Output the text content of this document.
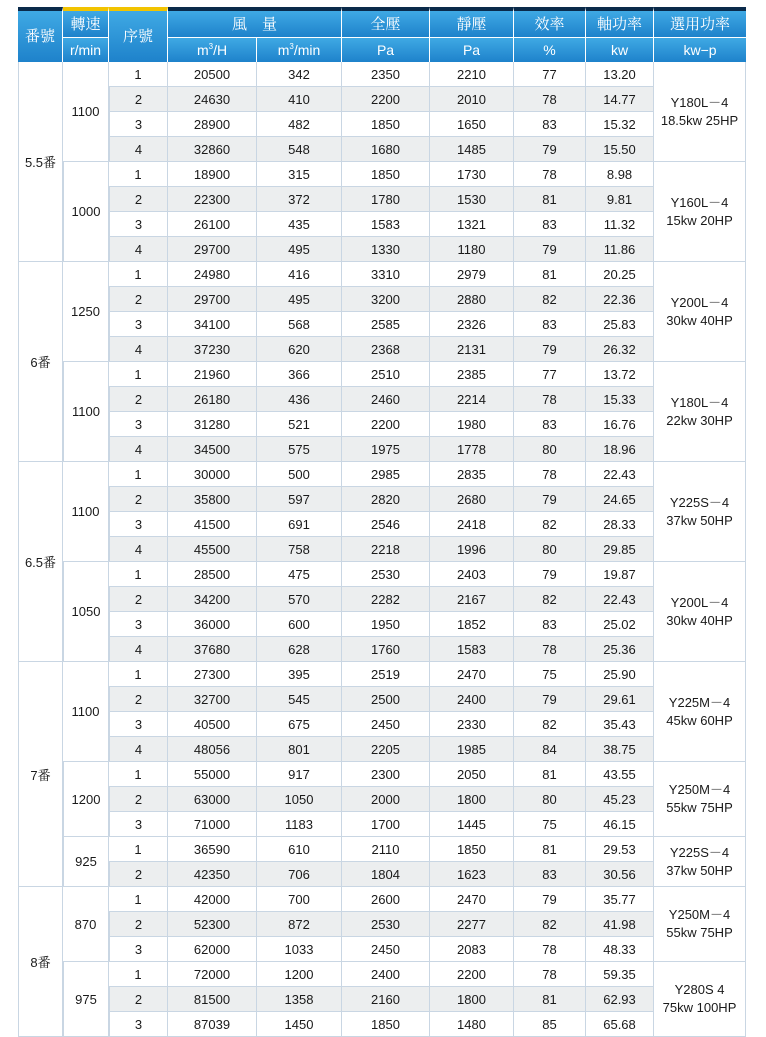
番號	轉速	序號	風　量		全壓	靜壓	效率	軸功率	選用功率
	r/min		$m^3/H$	$m^3/\min$	Pa	Pa	%	kw	kw−p
5.5番	1100	1	20500	342	2350	2210	77	13.20	Y180L－4
18.5kw 25HP

		2	24630	410	2200	2010	78	14.77	
		3	28900	482	1850	1650	83	15.32	
		4	32860	548	1680	1485	79	15.50	
	1000	1	18900	315	1850	1730	78	8.98	Y160L－4
15kw 20HP

		2	22300	372	1780	1530	81	9.81	
		3	26100	435	1583	1321	83	11.32	
		4	29700	495	1330	1180	79	11.86	
6番	1250	1	24980	416	3310	2979	81	20.25	Y200L－4
30kw 40HP

		2	29700	495	3200	2880	82	22.36	
		3	34100	568	2585	2326	83	25.83	
		4	37230	620	2368	2131	79	26.32	
	1100	1	21960	366	2510	2385	77	13.72	Y180L－4
22kw 30HP

		2	26180	436	2460	2214	78	15.33	
		3	31280	521	2200	1980	83	16.76	
		4	34500	575	1975	1778	80	18.96	
6.5番	1100	1	30000	500	2985	2835	78	22.43	Y225S－4
37kw 50HP

		2	35800	597	2820	2680	79	24.65	
		3	41500	691	2546	2418	82	28.33	
		4	45500	758	2218	1996	80	29.85	
	1050	1	28500	475	2530	2403	79	19.87	Y200L－4
30kw 40HP

		2	34200	570	2282	2167	82	22.43	
		3	36000	600	1950	1852	83	25.02	
		4	37680	628	1760	1583	78	25.36	
7番	1100	1	27300	395	2519	2470	75	25.90	Y225M－4
45kw 60HP

		2	32700	545	2500	2400	79	29.61	
		3	40500	675	2450	2330	82	35.43	
		4	48056	801	2205	1985	84	38.75	
	1200	1	55000	917	2300	2050	81	43.55	Y250M－4
55kw 75HP

		2	63000	1050	2000	1800	80	45.23	
		3	71000	1183	1700	1445	75	46.15	
	925	1	36590	610	2110	1850	81	29.53	Y225S－4
37kw 50HP

		2	42350	706	1804	1623	83	30.56	
8番	870	1	42000	700	2600	2470	79	35.77	Y250M－4
55kw 75HP

		2	52300	872	2530	2277	82	41.98	
		3	62000	1033	2450	2083	78	48.33	
	975	1	72000	1200	2400	2200	78	59.35	Y280S 4
75kw 100HP

		2	81500	1358	2160	1800	81	62.93	
		3	87039	1450	1850	1480	85	65.68	
